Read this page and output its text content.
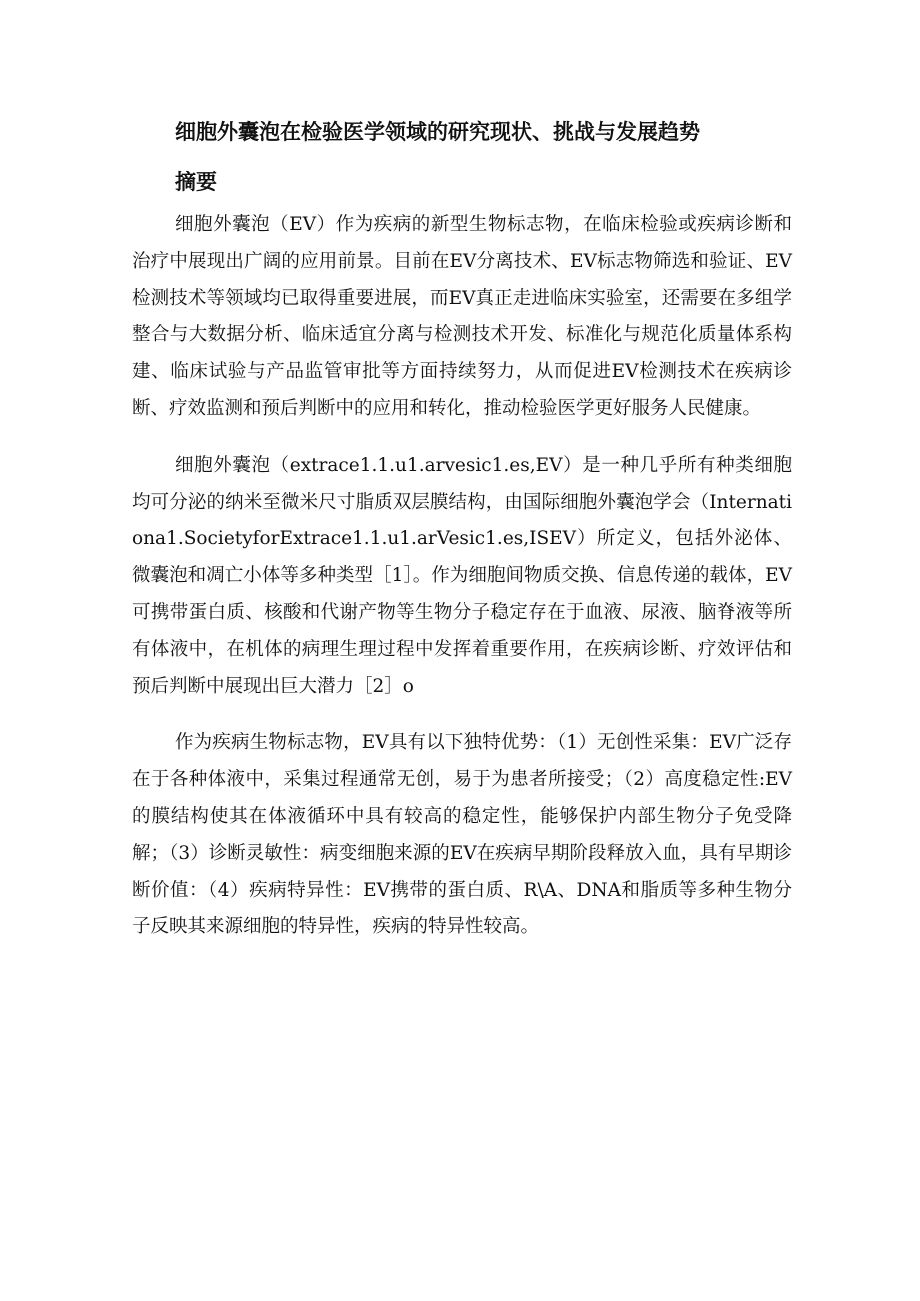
细胞外囊泡在检验医学领域的研究现状、挑战与发展趋势
摘要

细胞外囊泡（EV）作为疾病的新型生物标志物，在临床检验或疾病诊断和治疗中展现出广阔的应用前景。目前在EV分离技术、EV标志物筛选和验证、EV检测技术等领域均已取得重要进展，而EV真正走进临床实验室，还需要在多组学整合与大数据分析、临床适宜分离与检测技术开发、标准化与规范化质量体系构建、临床试验与产品监管审批等方面持续努力，从而促进EV检测技术在疾病诊断、疗效监测和预后判断中的应用和转化，推动检验医学更好服务人民健康。

细胞外囊泡（extrace1.1.u1.arvesic1.es,EV）是一种几乎所有种类细胞均可分泌的纳米至微米尺寸脂质双层膜结构，由国际细胞外囊泡学会（Internationa1.SocietyforExtrace1.1.u1.arVesic1.es,ISEV）所定义，包括外泌体、微囊泡和凋亡小体等多种类型［1］。作为细胞间物质交换、信息传递的载体，EV可携带蛋白质、核酸和代谢产物等生物分子稳定存在于血液、尿液、脑脊液等所有体液中，在机体的病理生理过程中发挥着重要作用，在疾病诊断、疗效评估和预后判断中展现出巨大潜力［2］o

作为疾病生物标志物，EV具有以下独特优势：（1）无创性采集：EV广泛存在于各种体液中，采集过程通常无创，易于为患者所接受；（2）高度稳定性:EV的膜结构使其在体液循环中具有较高的稳定性，能够保护内部生物分子免受降解；（3）诊断灵敏性：病变细胞来源的EV在疾病早期阶段释放入血，具有早期诊断价值：（4）疾病特异性：EV携带的蛋白质、R\A、DNA和脂质等多种生物分子反映其来源细胞的特异性，疾病的特异性较高。
